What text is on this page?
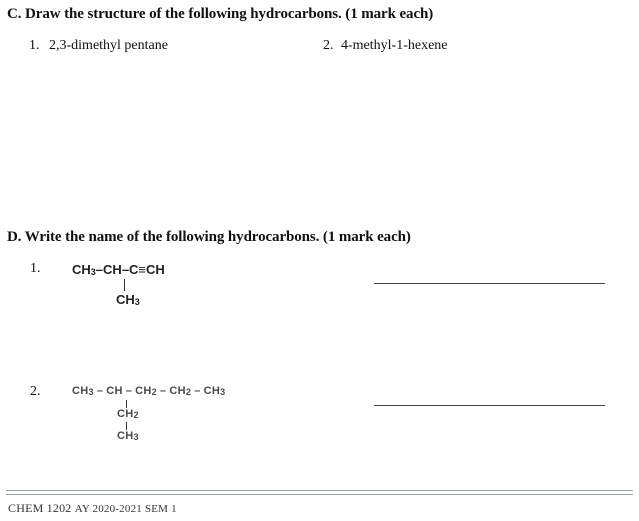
C. Draw the structure of the following hydrocarbons. (1 mark each)
1. 2,3-dimethyl pentane	2. 4-methyl-1-hexene
D. Write the name of the following hydrocarbons. (1 mark each)
1. $CH_3-CH-C\equiv CH$
$CH_3$
2.	$CH_3$ – CH – $CH_2 - CH_2 - CH_3$
$CH_2$
$CH_3$
CHEM 1202 AY 2020-2021 SEM 1
